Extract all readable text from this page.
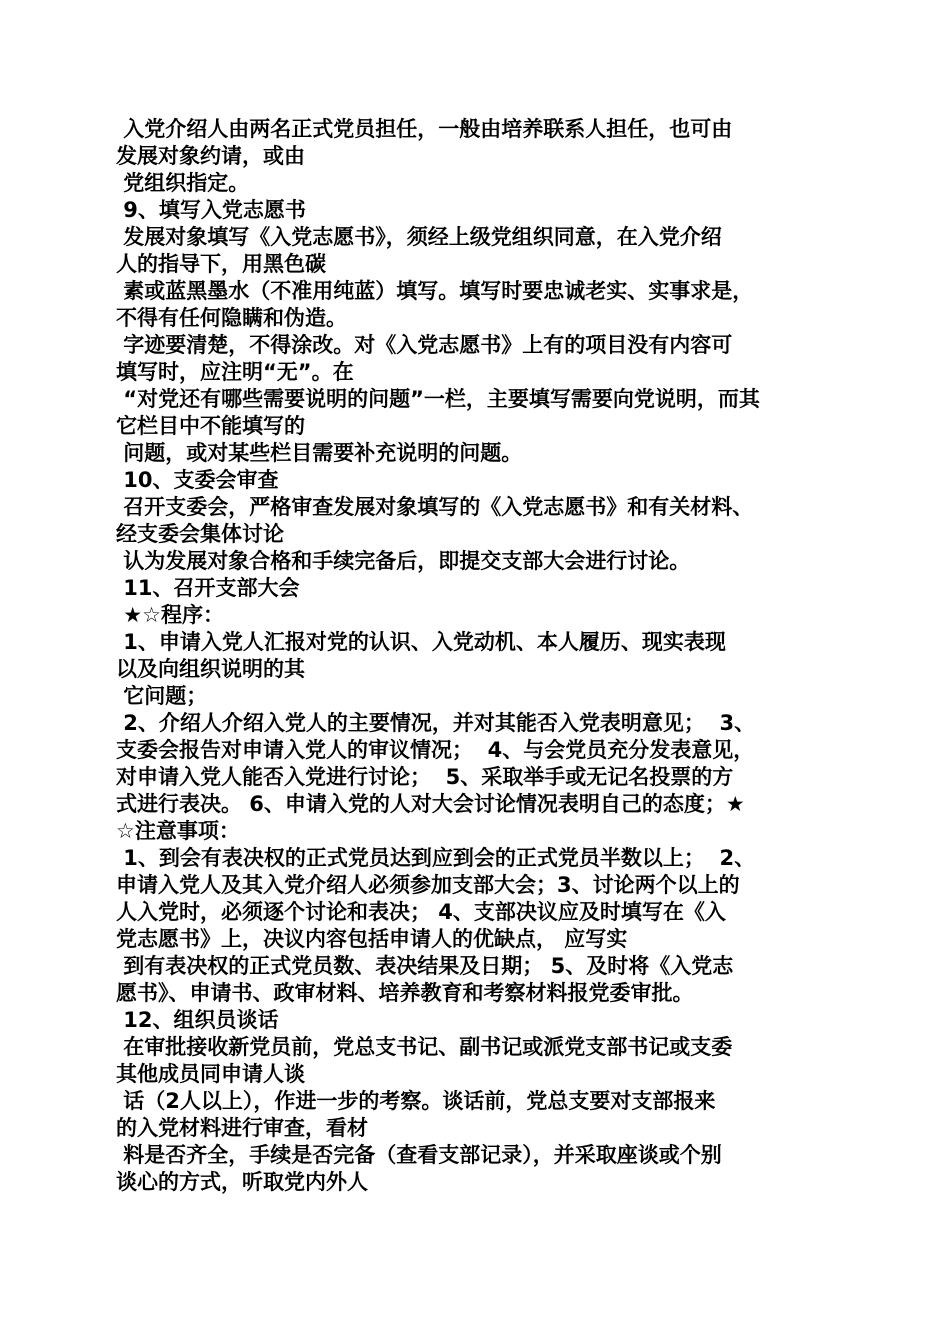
入党介绍人由两名正式党员担任，一般由培养联系人担任，也可由
发展对象约请，或由
党组织指定。
9、填写入党志愿书
发展对象填写《入党志愿书》，须经上级党组织同意，在入党介绍
人的指导下，用黑色碳
素或蓝黑墨水（不准用纯蓝）填写。填写时要忠诚老实、实事求是，
不得有任何隐瞒和伪造。
字迹要清楚，不得涂改。对《入党志愿书》上有的项目没有内容可
填写时，应注明“无”。在
“对党还有哪些需要说明的问题”一栏，主要填写需要向党说明，而其
它栏目中不能填写的
问题，或对某些栏目需要补充说明的问题。
10、支委会审查
召开支委会，严格审查发展对象填写的《入党志愿书》和有关材料、
经支委会集体讨论
认为发展对象合格和手续完备后，即提交支部大会进行讨论。
11、召开支部大会
★☆程序：
1、申请入党人汇报对党的认识、入党动机、本人履历、现实表现
以及向组织说明的其
它问题；
2、介绍人介绍入党人的主要情况，并对其能否入党表明意见；  3、
支委会报告对申请入党人的审议情况；  4、与会党员充分发表意见，
对申请入党人能否入党进行讨论；  5、采取举手或无记名投票的方
式进行表决。 6、申请入党的人对大会讨论情况表明自己的态度；★
☆注意事项：
1、到会有表决权的正式党员达到应到会的正式党员半数以上；  2、
申请入党人及其入党介绍人必须参加支部大会；3、讨论两个以上的
人入党时，必须逐个讨论和表决； 4、支部决议应及时填写在《入
党志愿书》上，决议内容包括申请人的优缺点， 应写实
到有表决权的正式党员数、表决结果及日期； 5、及时将《入党志
愿书》、申请书、政审材料、培养教育和考察材料报党委审批。
12、组织员谈话
在审批接收新党员前，党总支书记、副书记或派党支部书记或支委
其他成员同申请人谈
话（2人以上），作进一步的考察。谈话前，党总支要对支部报来
的入党材料进行审查，看材
料是否齐全，手续是否完备（查看支部记录），并采取座谈或个别
谈心的方式，听取党内外人
